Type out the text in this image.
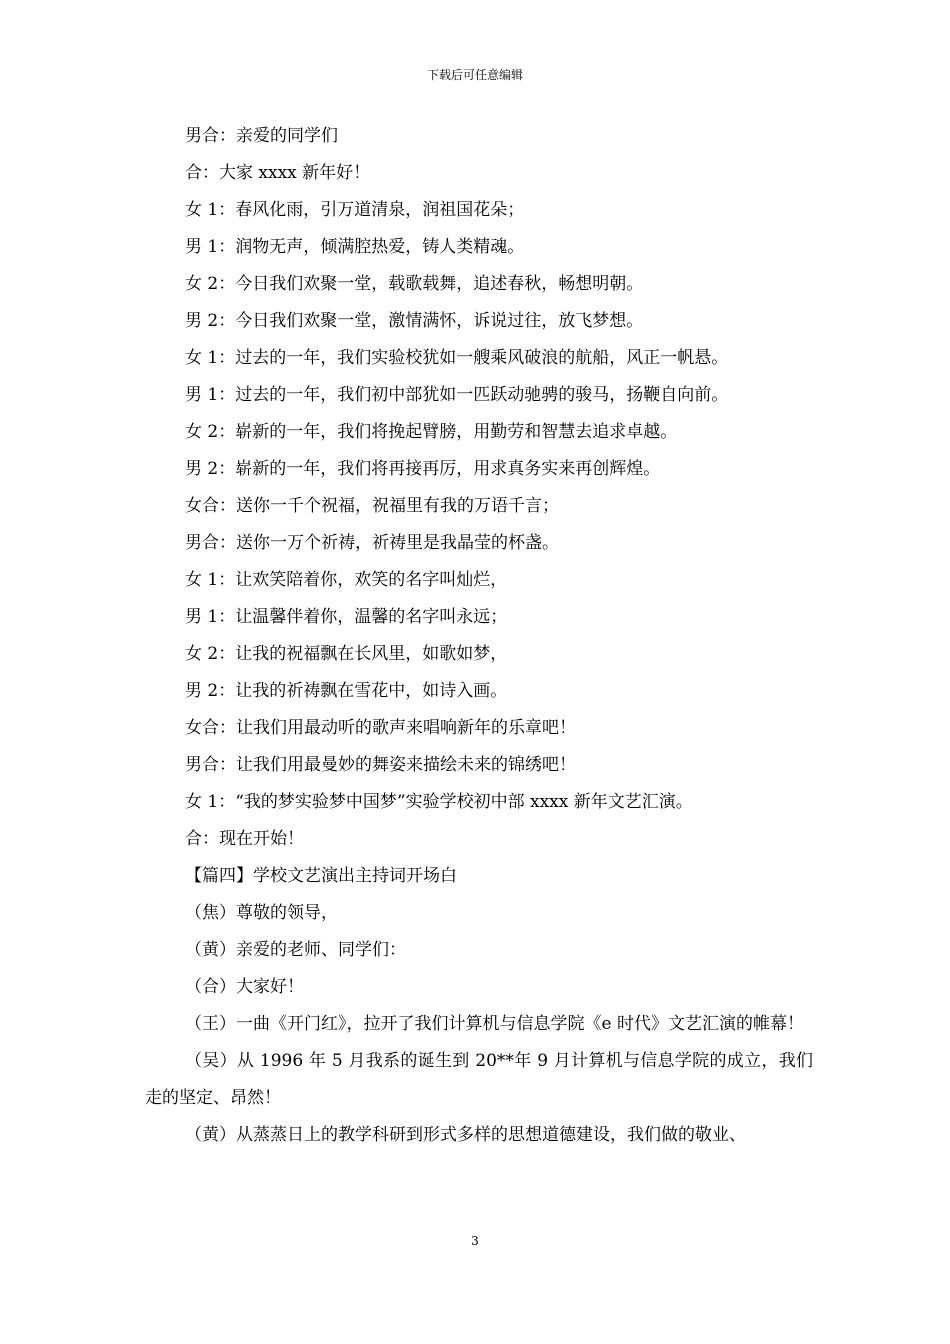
下载后可任意编辑
男合：亲爱的同学们
合：大家 xxxx 新年好！
女 1：春风化雨，引万道清泉，润祖国花朵；
男 1：润物无声，倾满腔热爱，铸人类精魂。
女 2：今日我们欢聚一堂，载歌载舞，追述春秋，畅想明朝。
男 2：今日我们欢聚一堂，激情满怀，诉说过往，放飞梦想。
女 1：过去的一年，我们实验校犹如一艘乘风破浪的航船，风正一帆悬。
男 1：过去的一年，我们初中部犹如一匹跃动驰骋的骏马，扬鞭自向前。
女 2：崭新的一年，我们将挽起臂膀，用勤劳和智慧去追求卓越。
男 2：崭新的一年，我们将再接再厉，用求真务实来再创辉煌。
女合：送你一千个祝福，祝福里有我的万语千言；
男合：送你一万个祈祷，祈祷里是我晶莹的杯盏。
女 1：让欢笑陪着你，欢笑的名字叫灿烂，
男 1：让温馨伴着你，温馨的名字叫永远；
女 2：让我的祝福飘在长风里，如歌如梦，
男 2：让我的祈祷飘在雪花中，如诗入画。
女合：让我们用最动听的歌声来唱响新年的乐章吧！
男合：让我们用最曼妙的舞姿来描绘未来的锦绣吧！
女 1：“我的梦实验梦中国梦”实验学校初中部 xxxx 新年文艺汇演。
合：现在开始！
【篇四】学校文艺演出主持词开场白
（焦）尊敬的领导，
（黄）亲爱的老师、同学们：
（合）大家好！
（王）一曲《开门红》，拉开了我们计算机与信息学院《e 时代》文艺汇演的帷幕！
（吴）从 1996 年 5 月我系的诞生到 20**年 9 月计算机与信息学院的成立，我们走的坚定、昂然！
（黄）从蒸蒸日上的教学科研到形式多样的思想道德建设，我们做的敬业、
3
